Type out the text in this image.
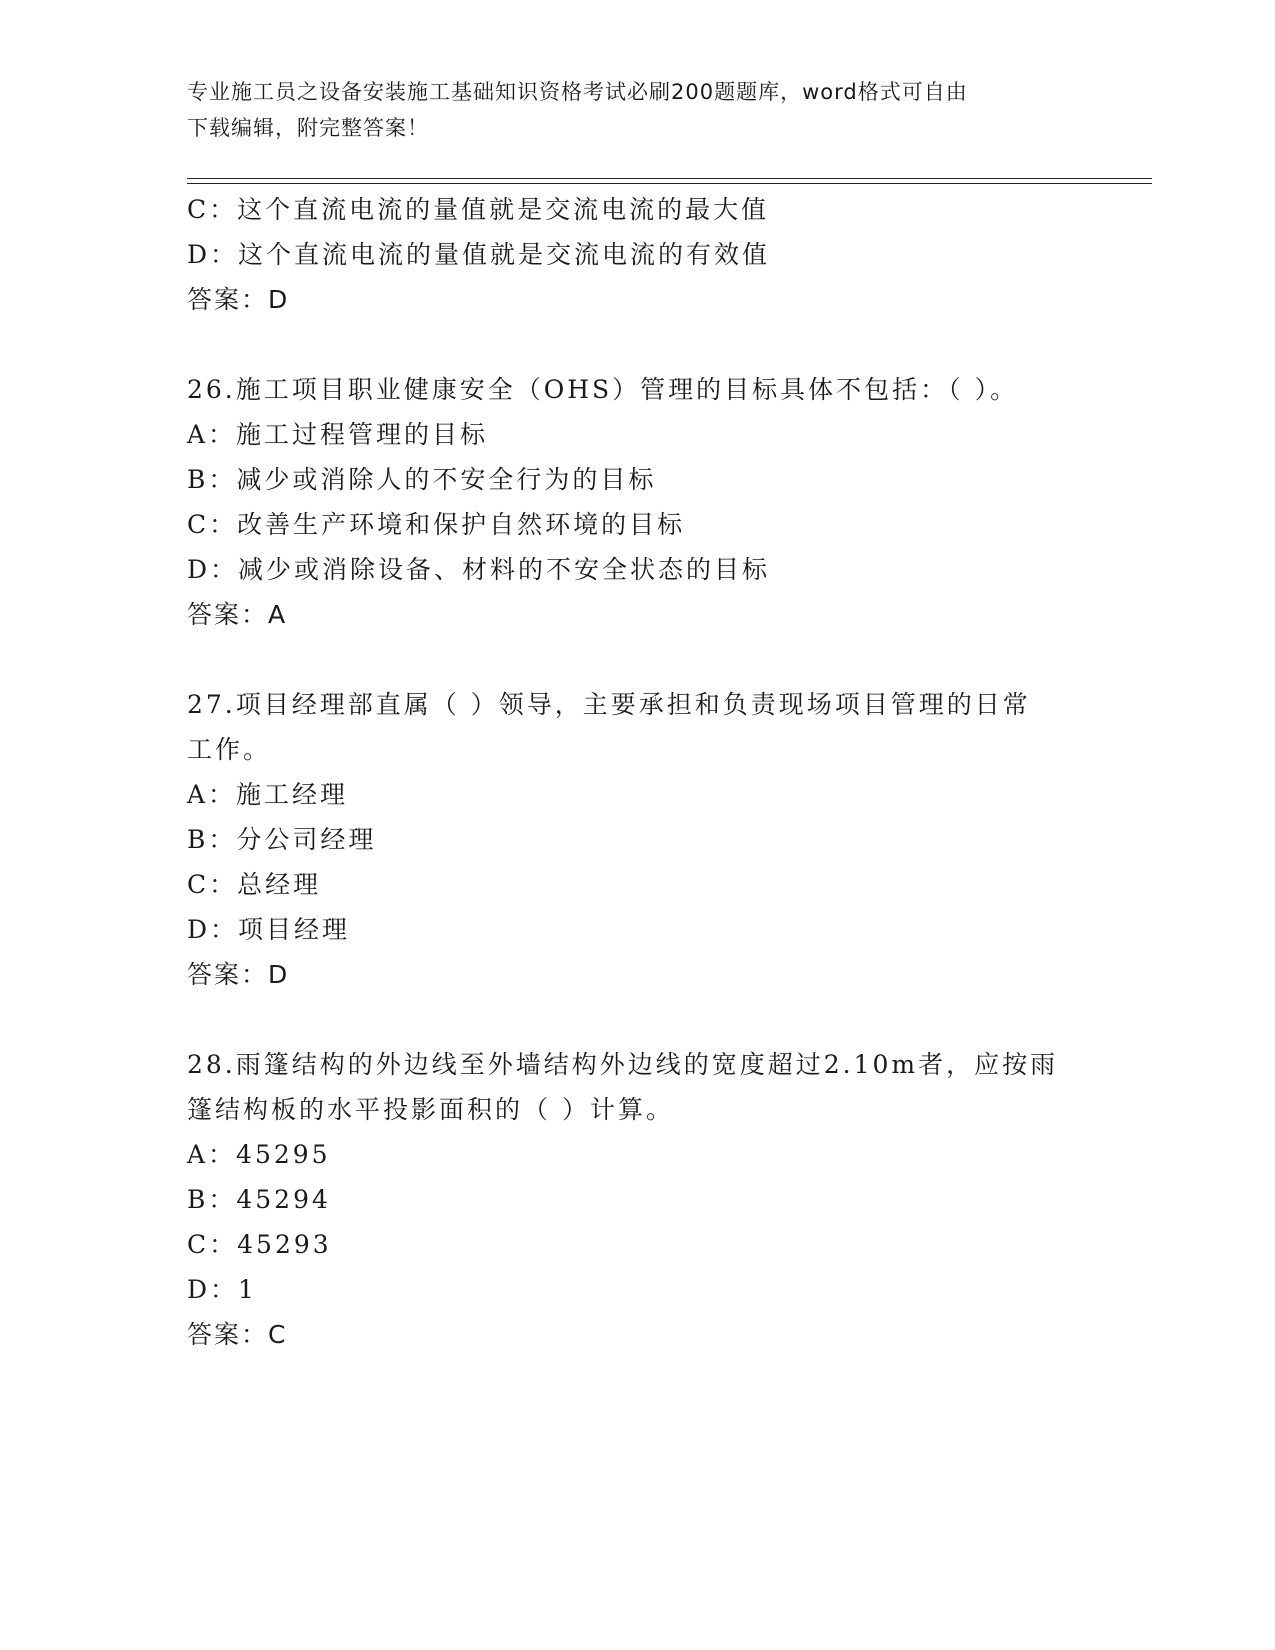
专业施工员之设备安装施工基础知识资格考试必刷200题题库，word格式可自由
下载编辑，附完整答案！
C：这个直流电流的量值就是交流电流的最大值
D：这个直流电流的量值就是交流电流的有效值
答案：D
26.施工项目职业健康安全（OHS）管理的目标具体不包括：（ ）。
A：施工过程管理的目标
B：减少或消除人的不安全行为的目标
C：改善生产环境和保护自然环境的目标
D：减少或消除设备、材料的不安全状态的目标
答案：A
27.项目经理部直属（ ）领导，主要承担和负责现场项目管理的日常
工作。
A：施工经理
B：分公司经理
C：总经理
D：项目经理
答案：D
28.雨篷结构的外边线至外墙结构外边线的宽度超过2.10m者，应按雨
篷结构板的水平投影面积的（ ）计算。
A：45295
B：45294
C：45293
D：1
答案：C
